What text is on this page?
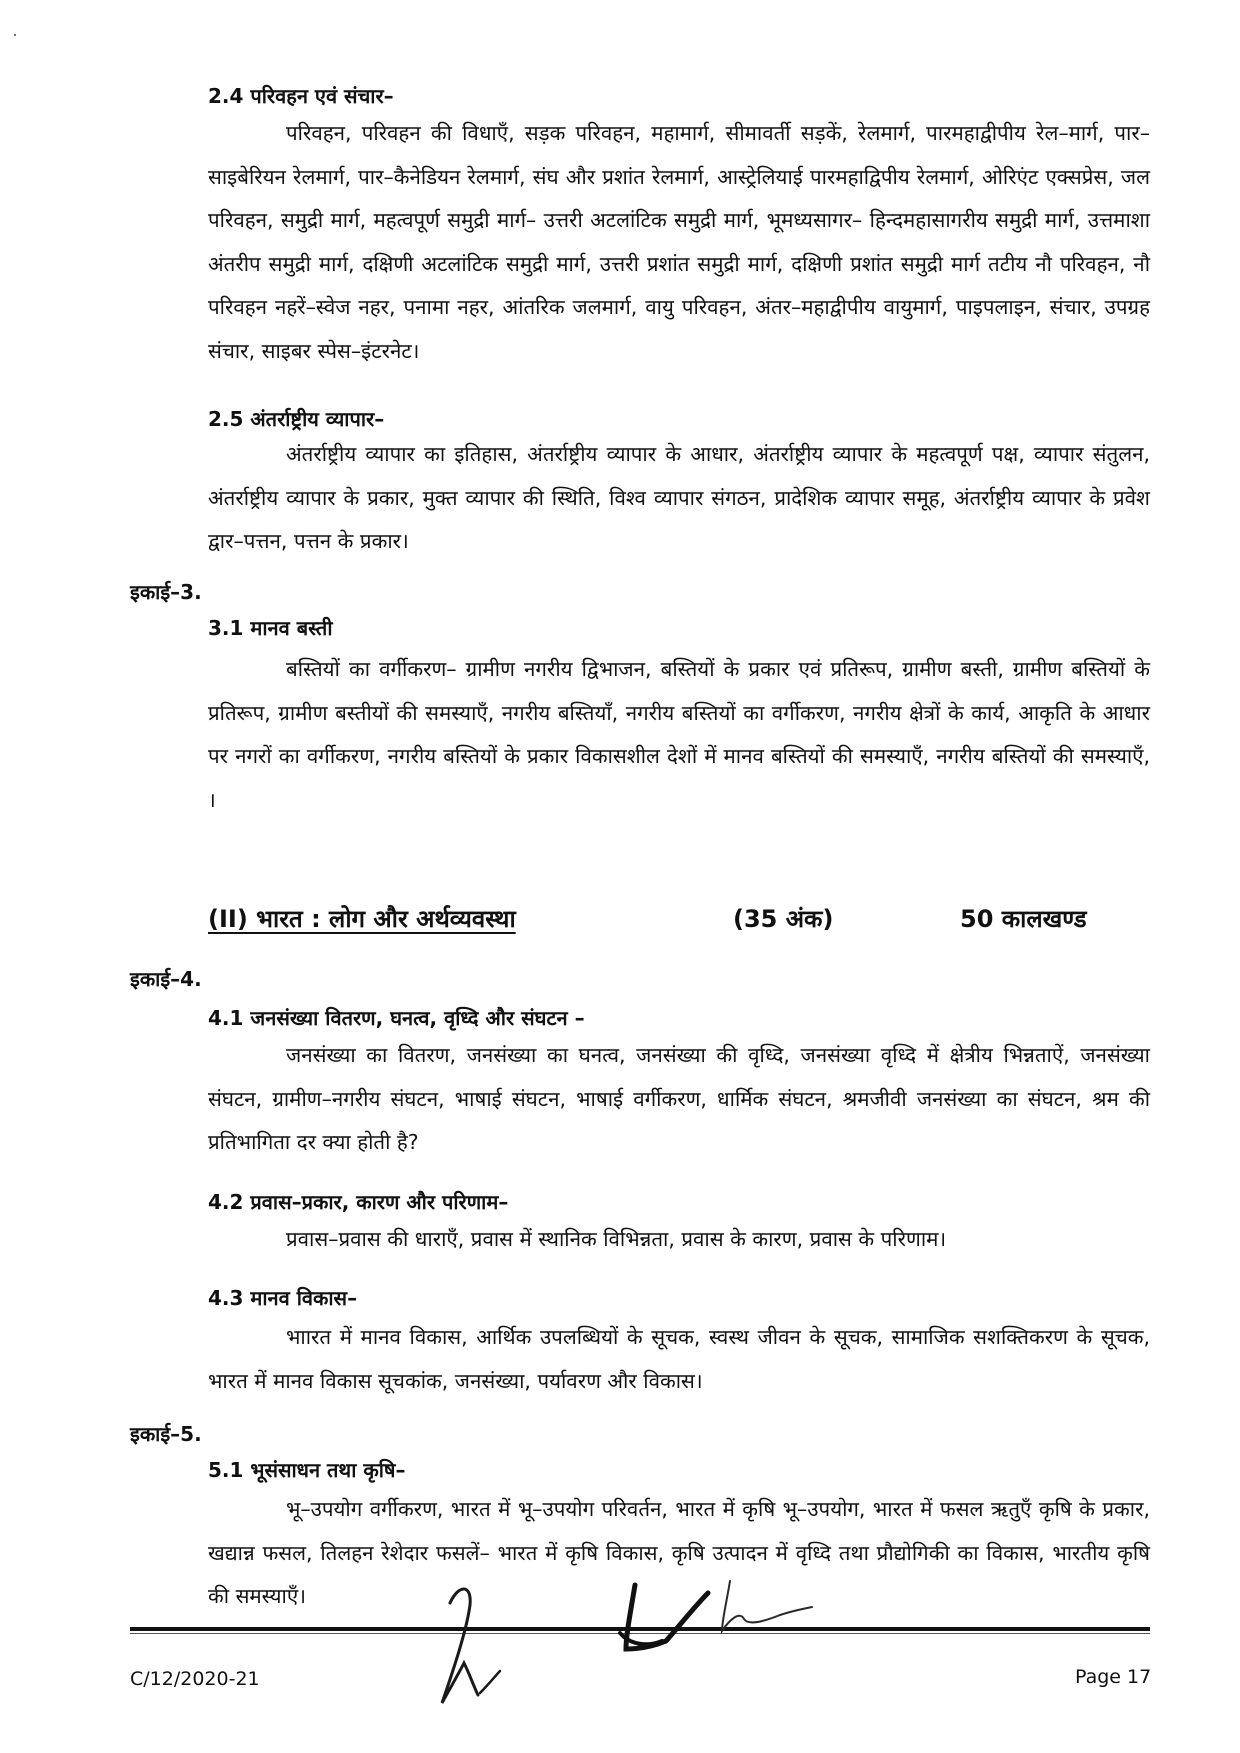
2.4 परिवहन एवं संचार–
परिवहन, परिवहन की विधाएँ, सड़क परिवहन, महामार्ग, सीमावर्ती सड़कें, रेलमार्ग, पारमहाद्वीपीय रेल–मार्ग, पार–साइबेरियन रेलमार्ग, पार–कैनेडियन रेलमार्ग, संघ और प्रशांत रेलमार्ग, आस्ट्रेलियाई पारमहाद्विपीय रेलमार्ग, ओरिएंट एक्सप्रेस, जल परिवहन, समुद्री मार्ग, महत्वपूर्ण समुद्री मार्ग– उत्तरी अटलांटिक समुद्री मार्ग, भूमध्यसागर– हिन्दमहासागरीय समुद्री मार्ग, उत्तमाशा अंतरीप समुद्री मार्ग, दक्षिणी अटलांटिक समुद्री मार्ग, उत्तरी प्रशांत समुद्री मार्ग, दक्षिणी प्रशांत समुद्री मार्ग तटीय नौ परिवहन, नौ परिवहन नहरें–स्वेज नहर, पनामा नहर, आंतरिक जलमार्ग, वायु परिवहन, अंतर–महाद्वीपीय वायुमार्ग, पाइपलाइन, संचार, उपग्रह संचार, साइबर स्पेस–इंटरनेट।
2.5 अंतर्राष्ट्रीय व्यापार–
अंतर्राष्ट्रीय व्यापार का इतिहास, अंतर्राष्ट्रीय व्यापार के आधार, अंतर्राष्ट्रीय व्यापार के महत्वपूर्ण पक्ष, व्यापार संतुलन, अंतर्राष्ट्रीय व्यापार के प्रकार, मुक्त व्यापार की स्थिति, विश्व व्यापार संगठन, प्रादेशिक व्यापार समूह, अंतर्राष्ट्रीय व्यापार के प्रवेश द्वार–पत्तन, पत्तन के प्रकार।
इकाई–3.
3.1 मानव बस्ती
बस्तियों का वर्गीकरण– ग्रामीण नगरीय द्विभाजन, बस्तियों के प्रकार एवं प्रतिरूप, ग्रामीण बस्ती, ग्रामीण बस्तियों के प्रतिरूप, ग्रामीण बस्तीयों की समस्याएँ, नगरीय बस्तियाँ, नगरीय बस्तियों का वर्गीकरण, नगरीय क्षेत्रों के कार्य, आकृति के आधार पर नगरों का वर्गीकरण, नगरीय बस्तियों के प्रकार विकासशील देशों में मानव बस्तियों की समस्याएँ, नगरीय बस्तियों की समस्याएँ, ।
(II) भारत : लोग और अर्थव्यवस्था	(35 अंक)	50 कालखण्ड
इकाई–4.
4.1 जनसंख्या वितरण, घनत्व, वृध्दि और संघटन –
जनसंख्या का वितरण, जनसंख्या का घनत्व, जनसंख्या की वृध्दि, जनसंख्या वृध्दि में क्षेत्रीय भिन्नताऐं, जनसंख्या संघटन, ग्रामीण–नगरीय संघटन, भाषाई संघटन, भाषाई वर्गीकरण, धार्मिक संघटन, श्रमजीवी जनसंख्या का संघटन, श्रम की प्रतिभागिता दर क्या होती है?
4.2 प्रवास–प्रकार, कारण और परिणाम–
प्रवास–प्रवास की धाराएँ, प्रवास में स्थानिक विभिन्नता, प्रवास के कारण, प्रवास के परिणाम।
4.3 मानव विकास–
भाारत में मानव विकास, आर्थिक उपलब्धियों के सूचक, स्वस्थ जीवन के सूचक, सामाजिक सशक्तिकरण के सूचक, भारत में मानव विकास सूचकांक, जनसंख्या, पर्यावरण और विकास।
इकाई–5.
5.1 भूसंसाधन तथा कृषि–
भू–उपयोग वर्गीकरण, भारत में भू–उपयोग परिवर्तन, भारत में कृषि भू–उपयोग, भारत में फसल ऋतुएँ कृषि के प्रकार, खद्यान्न फसल, तिलहन रेशेदार फसलें– भारत में कृषि विकास, कृषि उत्पादन में वृध्दि तथा प्रौद्योगिकी का विकास, भारतीय कृषि की समस्याएँ।
C/12/2020-21	Page 17
